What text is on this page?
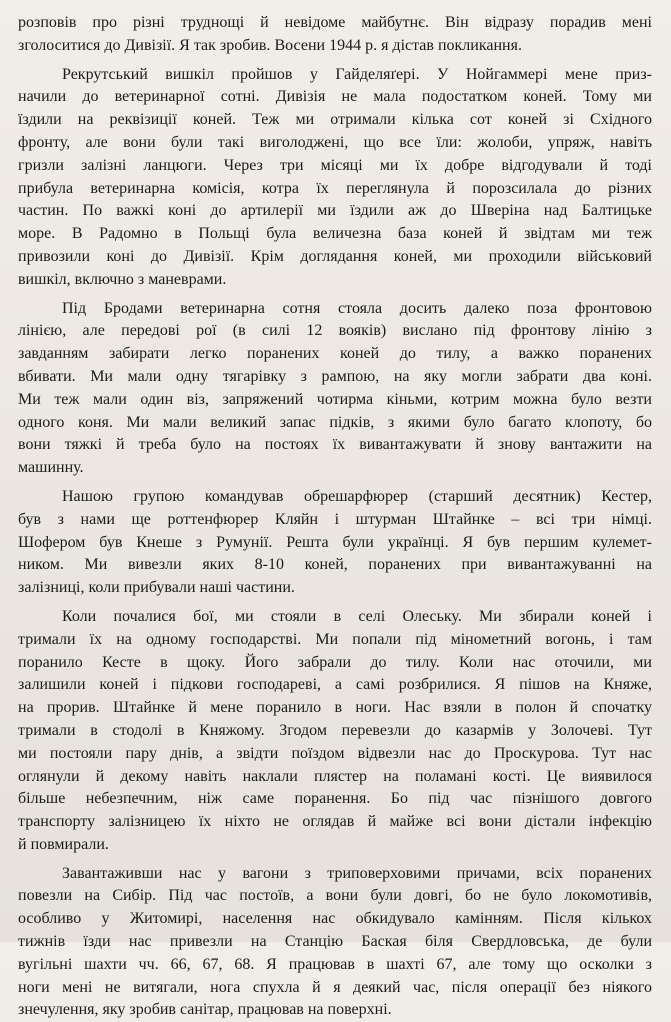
розповів про різні труднощі й невідоме майбутнє. Він відразу порадив мені
зголоситися до Дивізії. Я так зробив. Восени 1944 р. я дістав покликання.
Рекрутський вишкіл пройшов у Гайделяґері. У Нойгаммері мене приз-
начили до ветеринарної сотні. Дивізія не мала подостатком коней. Тому ми
їздили на реквізиції коней. Теж ми отримали кілька сот коней зі Східного
фронту, але вони були такі виголоджені, що все їли: жолоби, упряж, навіть
гризли залізні ланцюги. Через три місяці ми їх добре відгодували й тоді
прибула ветеринарна комісія, котра їх переглянула й порозсилала до різних
частин. По важкі коні до артилерії ми їздили аж до Шверіна над Балтицьке
море. В Радомно в Польщі була величезна база коней й звідтам ми теж
привозили коні до Дивізії. Крім доглядання коней, ми проходили військовий
вишкіл, включно з маневрами.
Під Бродами ветеринарна сотня стояла досить далеко поза фронтовою
лінією, але передові рої (в силі 12 вояків) вислано під фронтову лінію з
завданням забирати легко поранених коней до тилу, а важко поранених
вбивати. Ми мали одну тягарівку з рампою, на яку могли забрати два коні.
Ми теж мали один віз, запряжений чотирма кіньми, котрим можна було везти
одного коня. Ми мали великий запас підків, з якими було багато клопоту, бо
вони тяжкі й треба було на постоях їх вивантажувати й знову вантажити на
машинну.
Нашою групою командував обрешарфюрер (старший десятник) Кестер,
був з нами ще роттенфюрер Кляйн і штурман Штайнке – всі три німці.
Шофером був Кнеше з Румунії. Решта були українці. Я був першим кулемет-
ником. Ми вивезли яких 8-10 коней, поранених при вивантажуванні на
залізниці, коли прибували наші частини.
Коли почалися бої, ми стояли в селі Олеську. Ми збирали коней і
тримали їх на одному господарстві. Ми попали під мінометний вогонь, і там
поранило Кесте в щоку. Його забрали до тилу. Коли нас оточили, ми
залишили коней і підкови господареві, а самі розбрилися. Я пішов на Княже,
на прорив. Штайнке й мене поранило в ноги. Нас взяли в полон й спочатку
тримали в стодолі в Княжому. Згодом перевезли до казармів у Золочеві. Тут
ми постояли пару днів, а звідти поїздом відвезли нас до Проскурова. Тут нас
оглянули й декому навіть наклали плястер на поламані кості. Це виявилося
більше небезпечним, ніж саме поранення. Бо під час пізнішого довгого
транспорту залізницею їх ніхто не оглядав й майже всі вони дістали інфекцію
й повмирали.
Завантаживши нас у вагони з триповерховими причами, всіх поранених
повезли на Сибір. Під час постоїв, а вони були довгі, бо не було локомотивів,
особливо у Житомирі, населення нас обкидувало камінням. Після кількох
тижнів їзди нас привезли на Станцію Баская біля Свердловська, де були
вугільні шахти чч. 66, 67, 68. Я працював в шахті 67, але тому що осколки з
ноги мені не витягали, нога спухла й я деякий час, після операції без ніякого
знечулення, яку зробив санітар, працював на поверхні.
